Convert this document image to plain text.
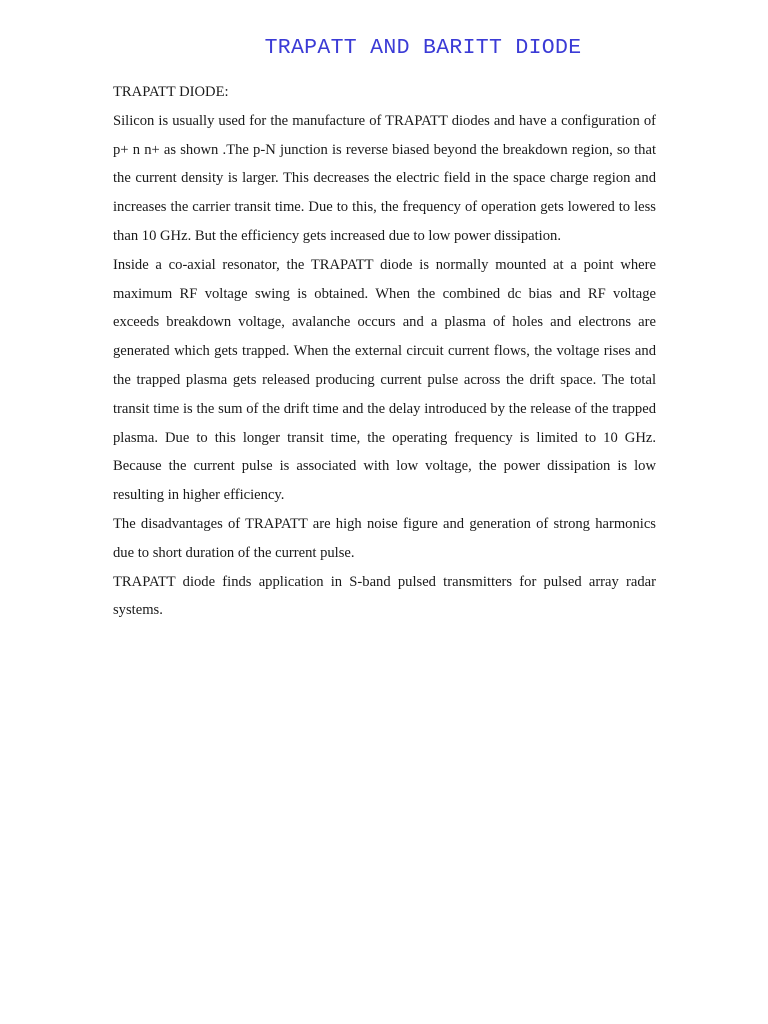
TRAPATT AND BARITT DIODE

TRAPATT DIODE:

Silicon is usually used for the manufacture of TRAPATT diodes and have a configuration of p+ n n+ as shown .The p-N junction is reverse biased beyond the breakdown region, so that the current density is larger. This decreases the electric field in the space charge region and increases the carrier transit time. Due to this, the frequency of operation gets lowered to less than 10 GHz. But the efficiency gets increased due to low power dissipation.

Inside a co-axial resonator, the TRAPATT diode is normally mounted at a point where maximum RF voltage swing is obtained. When the combined dc bias and RF voltage exceeds breakdown voltage, avalanche occurs and a plasma of holes and electrons are generated which gets trapped. When the external circuit current flows, the voltage rises and the trapped plasma gets released producing current pulse across the drift space. The total transit time is the sum of the drift time and the delay introduced by the release of the trapped plasma. Due to this longer transit time, the operating frequency is limited to 10 GHz. Because the current pulse is associated with low voltage, the power dissipation is low resulting in higher efficiency.

The disadvantages of TRAPATT are high noise figure and generation of strong harmonics due to short duration of the current pulse.

TRAPATT diode finds application in S-band pulsed transmitters for pulsed array radar systems.
